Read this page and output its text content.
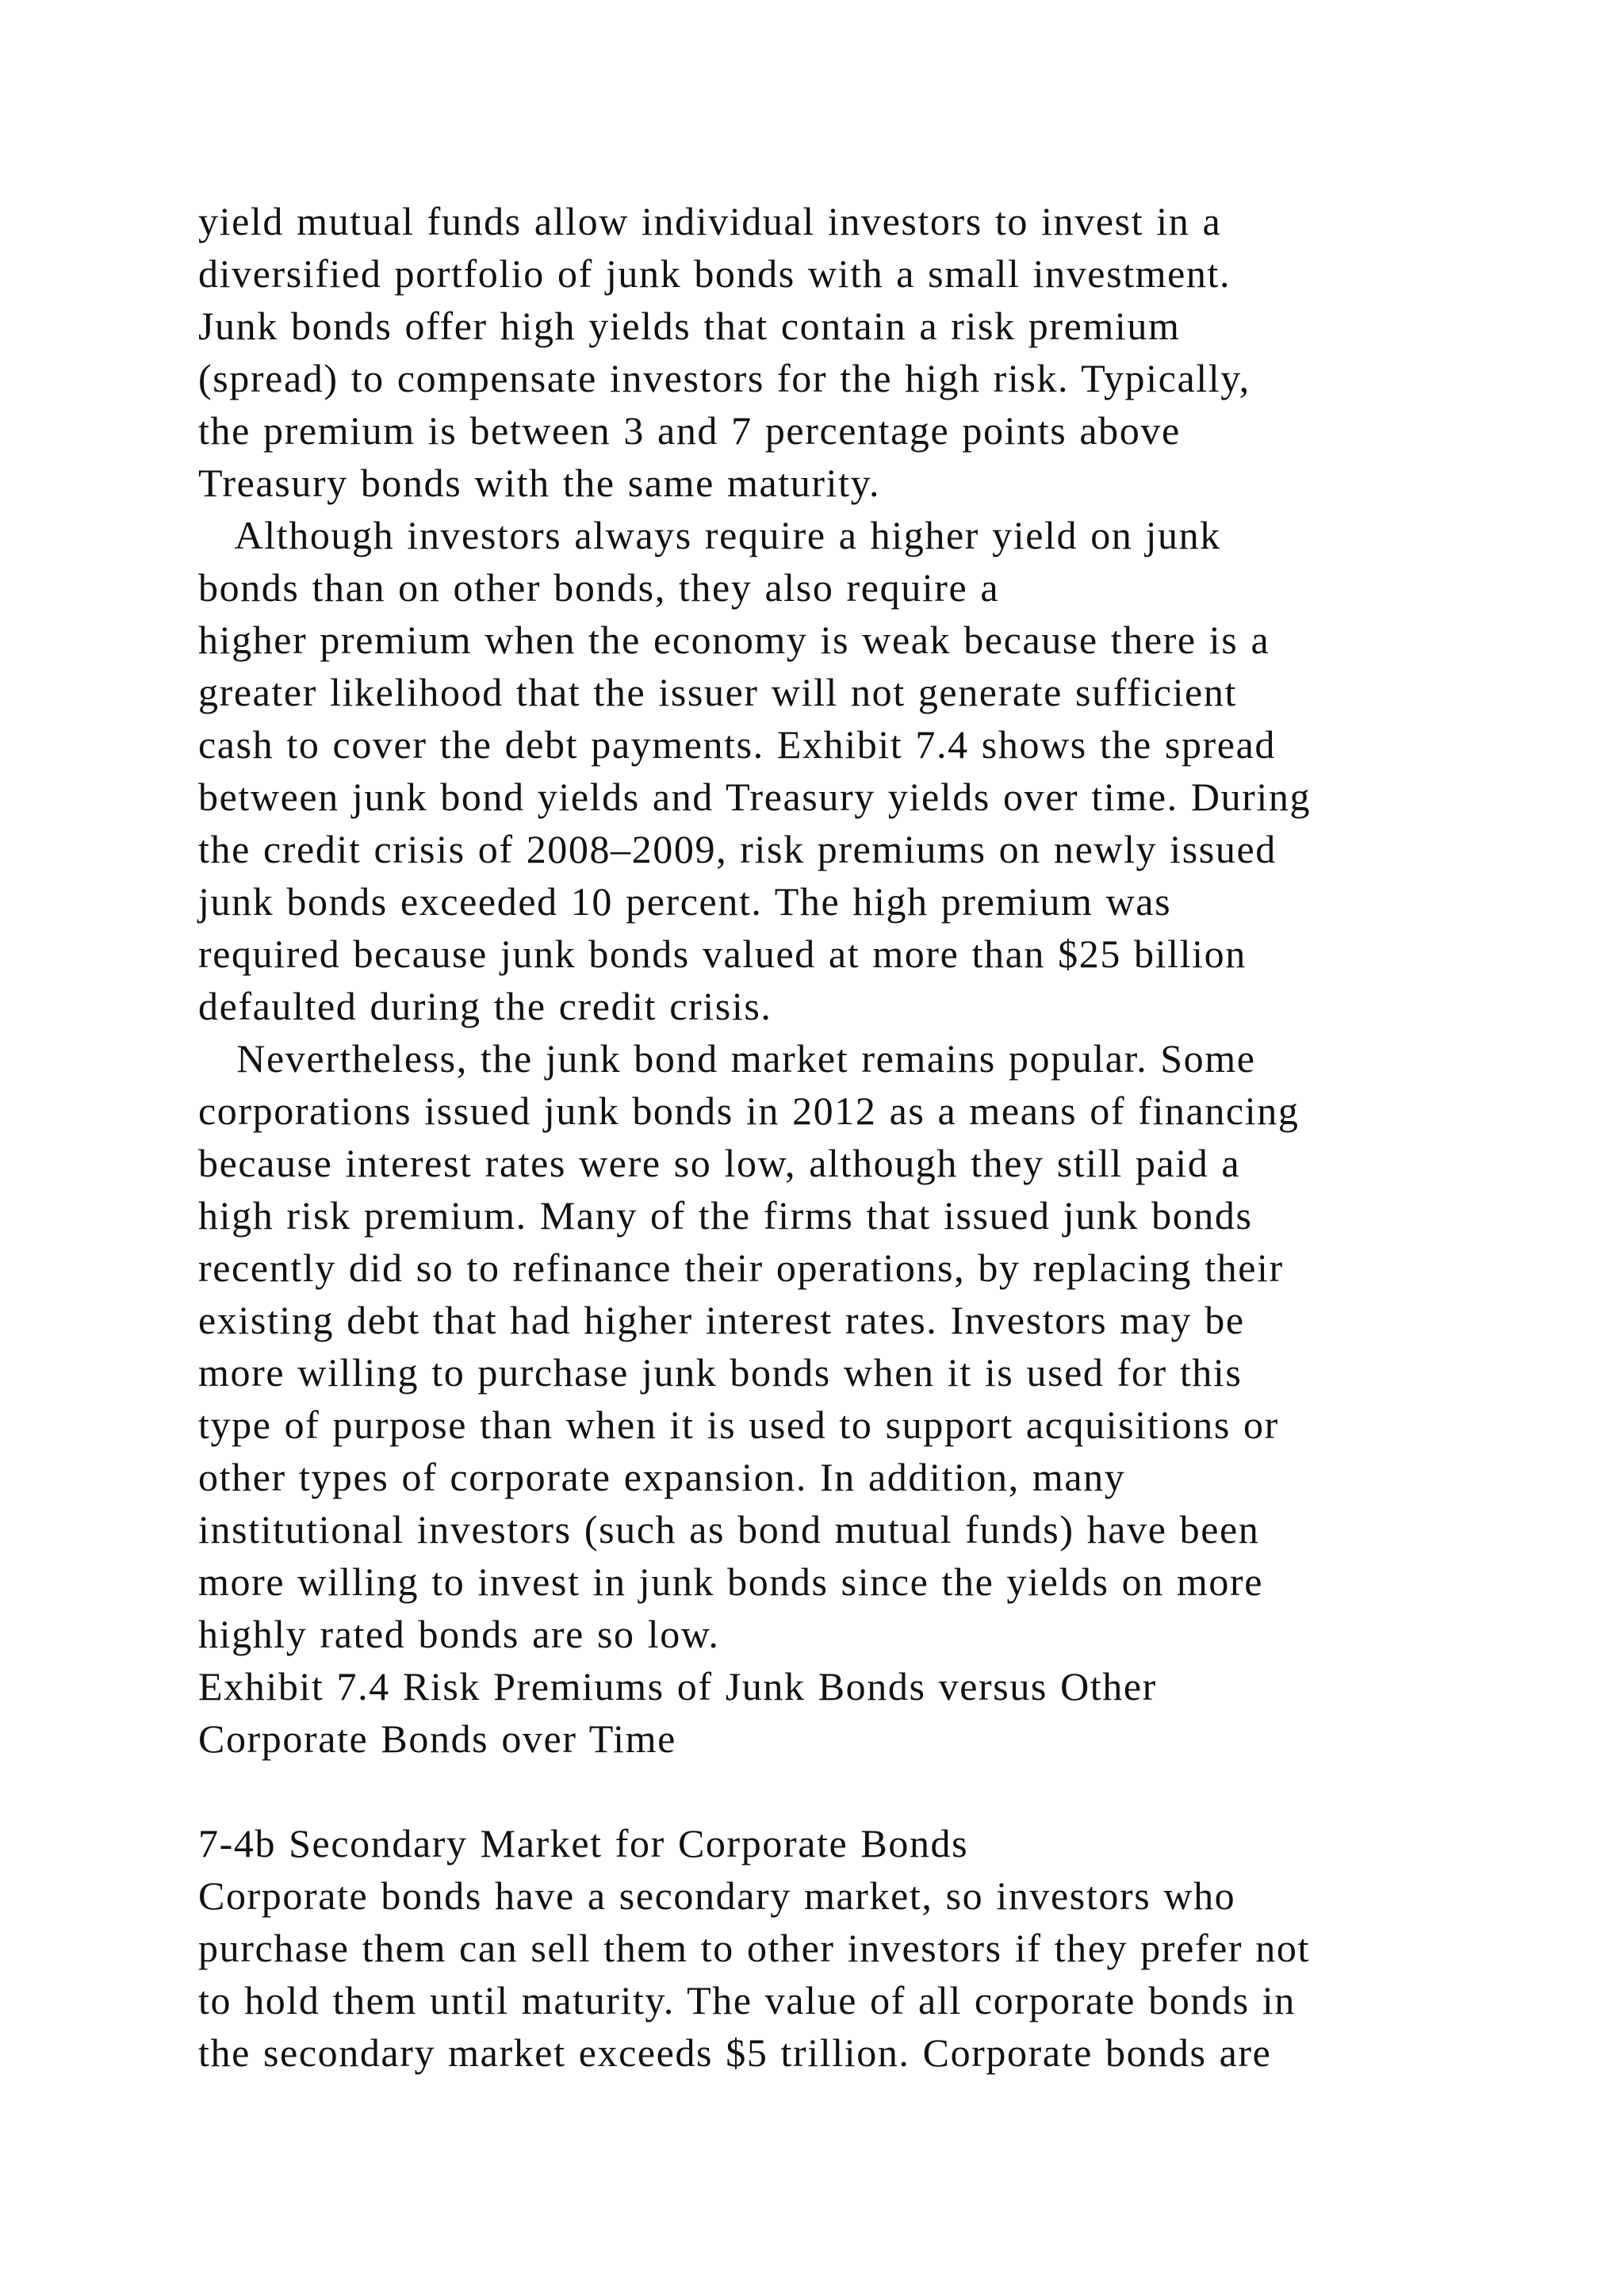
yield mutual funds allow individual investors to invest in a
diversified portfolio of junk bonds with a small investment.
Junk bonds offer high yields that contain a risk premium
(spread) to compensate investors for the high risk. Typically,
the premium is between 3 and 7 percentage points above
Treasury bonds with the same maturity.
Although investors always require a higher yield on junk
bonds than on other bonds, they also require a
higher premium when the economy is weak because there is a
greater likelihood that the issuer will not generate sufficient
cash to cover the debt payments. Exhibit 7.4 shows the spread
between junk bond yields and Treasury yields over time. During
the credit crisis of 2008–2009, risk premiums on newly issued
junk bonds exceeded 10 percent. The high premium was
required because junk bonds valued at more than $25 billion
defaulted during the credit crisis.
Nevertheless, the junk bond market remains popular. Some
corporations issued junk bonds in 2012 as a means of financing
because interest rates were so low, although they still paid a
high risk premium. Many of the firms that issued junk bonds
recently did so to refinance their operations, by replacing their
existing debt that had higher interest rates. Investors may be
more willing to purchase junk bonds when it is used for this
type of purpose than when it is used to support acquisitions or
other types of corporate expansion. In addition, many
institutional investors (such as bond mutual funds) have been
more willing to invest in junk bonds since the yields on more
highly rated bonds are so low.
Exhibit 7.4 Risk Premiums of Junk Bonds versus Other
Corporate Bonds over Time
7-4b Secondary Market for Corporate Bonds
Corporate bonds have a secondary market, so investors who
purchase them can sell them to other investors if they prefer not
to hold them until maturity. The value of all corporate bonds in
the secondary market exceeds $5 trillion. Corporate bonds are
